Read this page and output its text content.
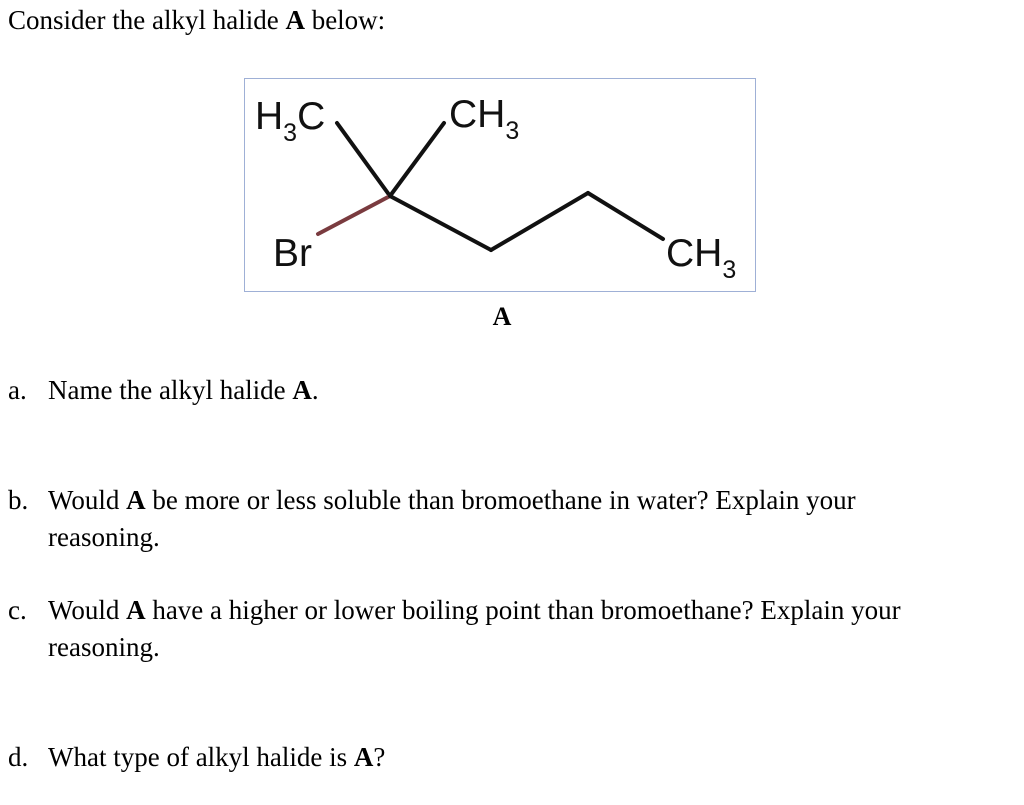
Consider the alkyl halide A below:
H3C	CH3
Br	CH3
A
a. Name the alkyl halide A.
b. Would A be more or less soluble than bromoethane in water? Explain your
reasoning.
c. Would A have a higher or lower boiling point than bromoethane? Explain your
reasoning.
d. What type of alkyl halide is A?
